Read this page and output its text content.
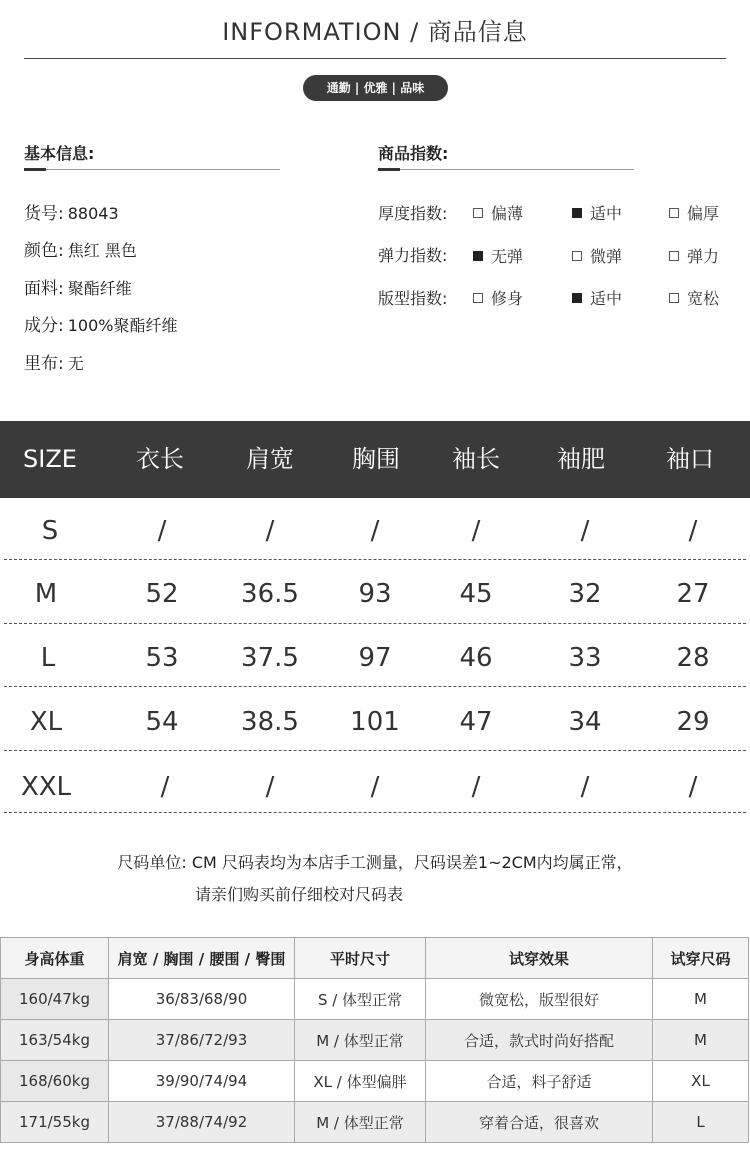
INFORMATION / 商品信息
通勤 | 优雅 | 品味
基本信息:
货号: 88043
颜色: 焦红 黑色
面料: 聚酯纤维
成分: 100%聚酯纤维
里布: 无
商品指数:
厚度指数:	偏薄	适中	偏厚
弹力指数:	无弹	微弹	弹力
版型指数:	修身	适中	宽松
SIZE	衣长	肩宽	胸围	袖长	袖肥	袖口
S	/	/	/	/	/	/
M	52	36.5	93	45	32	27
L	53	37.5	97	46	33	28
XL	54	38.5	101	47	34	29
XXL	/	/	/	/	/	/
尺码单位: CM 尺码表均为本店手工测量，尺码误差1~2CM内均属正常，
请亲们购买前仔细校对尺码表
身高体重	肩宽 / 胸围 / 腰围 / 臀围	平时尺寸	试穿效果	试穿尺码
160/47kg	36/83/68/90	S / 体型正常	微宽松，版型很好	M
163/54kg	37/86/72/93	M / 体型正常	合适，款式时尚好搭配	M
168/60kg	39/90/74/94	XL / 体型偏胖	合适，料子舒适	XL
171/55kg	37/88/74/92	M / 体型正常	穿着合适，很喜欢	L
